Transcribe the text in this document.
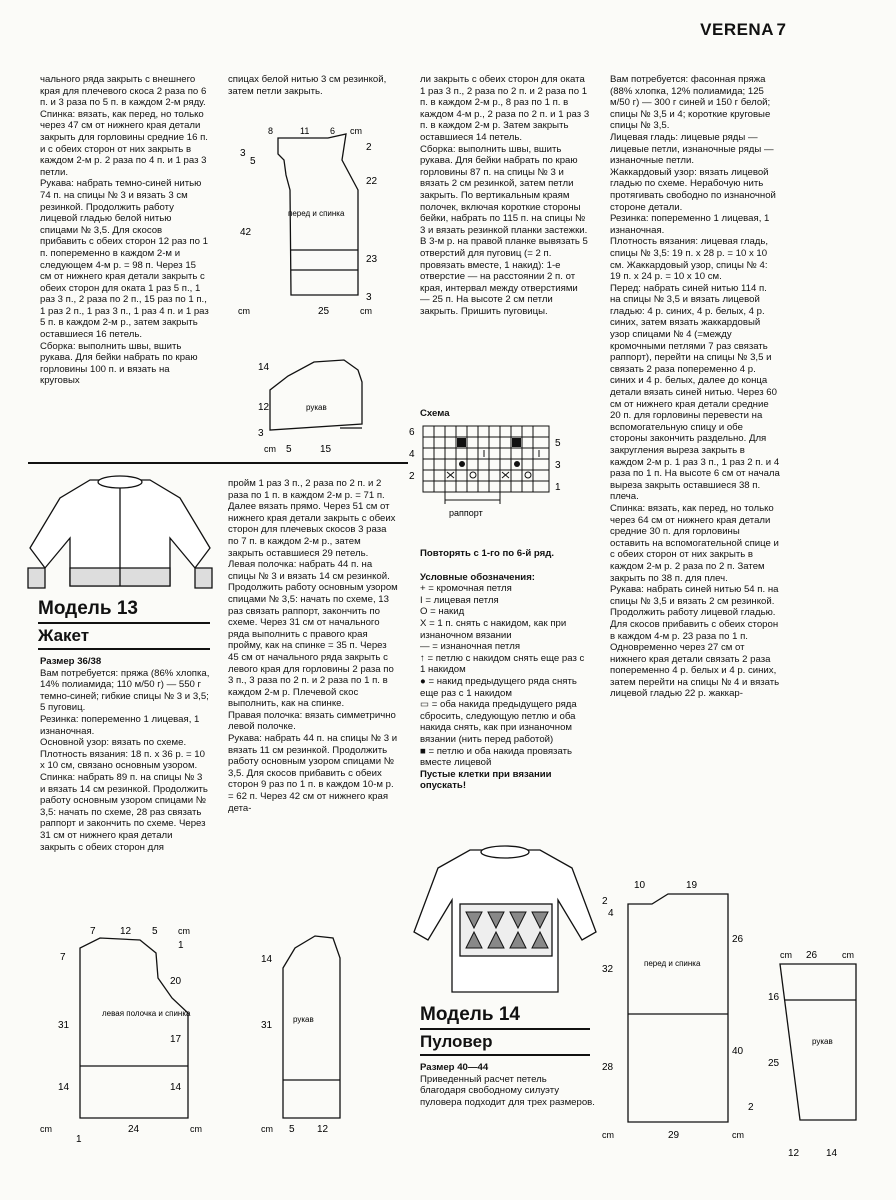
VERENA 7

чального ряда закрыть с внешнего края для плечевого скоса 2 раза по 6 п. и 3 раза по 5 п. в каждом 2-м ряду.

Спинка: вязать, как перед, но только через 47 см от нижнего края детали закрыть для горловины средние 16 п. и с обеих сторон от них закрыть в каждом 2-м р. 2 раза по 4 п. и 1 раз 3 петли.

Рукава: набрать темно-синей нитью 74 п. на спицы № 3 и вязать 3 см резинкой. Продолжить работу лицевой гладью белой нитью спицами № 3,5. Для скосов прибавить с обеих сторон 12 раз по 1 п. попеременно в каждом 2-м и следующем 4-м р. = 98 п. Через 15 см от нижнего края детали закрыть с обеих сторон для оката 1 раз 5 п., 1 раз 3 п., 2 раза по 2 п., 15 раз по 1 п., 1 раз 2 п., 1 раз 3 п., 1 раз 4 п. и 1 раз 5 п. в каждом 2-м р., затем закрыть оставшиеся 16 петель.

Сборка: выполнить швы, вшить рукава. Для бейки набрать по краю горловины 100 п. и вязать на круговых

спицах белой нитью 3 см резинкой, затем петли закрыть.

8	11 6 cm
3
5
42
2
22
23
3
cm	25	cm
перед и спинка
14
12
3
cm 5	15
рукав

ли закрыть с обеих сторон для оката 1 раз 3 п., 2 раза по 2 п. и 2 раза по 1 п. в каждом 2-м р., 8 раз по 1 п. в каждом 4-м р., 2 раза по 2 п. и 1 раз 3 п. в каждом 2-м р. Затем закрыть оставшиеся 14 петель.

Сборка: выполнить швы, вшить рукава. Для бейки набрать по краю горловины 87 п. на спицы № 3 и вязать 2 см резинкой, затем петли закрыть. По вертикальным краям полочек, включая короткие стороны бейки, набрать по 115 п. на спицы № 3 и вязать резинкой планки застежки. В 3-м р. на правой планке вывязать 5 отверстий для пуговиц (= 2 п. провязать вместе, 1 накид): 1-е отверстие — на расстоянии 2 п. от края, интервал между отверстиями — 25 п. На высоте 2 см петли закрыть. Пришить пуговицы.

Схема
6
4
2
5
3
1
раппорт

Повторять с 1-го по 6-й ряд.

Условные обозначения:

+ = кромочная петля

I = лицевая петля

O = накид

X = 1 п. снять с накидом, как при изнаночном вязании

— = изнаночная петля

↑ = петлю с накидом снять еще раз с 1 накидом

● = накид предыдущего ряда снять еще раз с 1 накидом

▭ = оба накида предыдущего ряда сбросить, следующую петлю и оба накида снять, как при изнаночном вязании (нить перед работой)

■ = петлю и оба накида провязать вместе лицевой

Пустые клетки при вязании опускать!

Вам потребуется: фасонная пряжа (88% хлопка, 12% полиамида; 125 м/50 г) — 300 г синей и 150 г белой; спицы № 3,5 и 4; короткие круговые спицы № 3,5.

Лицевая гладь: лицевые ряды — лицевые петли, изнаночные ряды — изнаночные петли.

Жаккардовый узор: вязать лицевой гладью по схеме. Нерабочую нить протягивать свободно по изнаночной стороне детали.

Резинка: попеременно 1 лицевая, 1 изнаночная.

Плотность вязания: лицевая гладь, спицы № 3,5: 19 п. х 28 р. = 10 х 10 см. Жаккардовый узор, спицы № 4: 19 п. х 24 р. = 10 х 10 см.

Перед: набрать синей нитью 114 п. на спицы № 3,5 и вязать лицевой гладью: 4 р. синих, 4 р. белых, 4 р. синих, затем вязать жаккардовый узор спицами № 4 (=между кромочными петлями 7 раз связать раппорт), перейти на спицы № 3,5 и связать 2 раза попеременно 4 р. синих и 4 р. белых, далее до конца детали вязать синей нитью. Через 60 см от нижнего края детали средние 20 п. для горловины перевести на вспомогательную спицу и обе стороны закончить раздельно. Для закругления выреза закрыть в каждом 2-м р. 1 раз 3 п., 1 раз 2 п. и 4 раза по 1 п. На высоте 6 см от начала выреза закрыть оставшиеся 38 п. плеча.

Спинка: вязать, как перед, но только через 64 см от нижнего края детали средние 30 п. для горловины оставить на вспомогательной спице и с обеих сторон от них закрыть в каждом 2-м р. 2 раза по 2 п. Затем закрыть по 38 п. для плеч.

Рукава: набрать синей нитью 54 п. на спицы № 3,5 и вязать 2 см резинкой. Продолжить работу лицевой гладью. Для скосов прибавить с обеих сторон в каждом 4-м р. 23 раза по 1 п. Одновременно через 27 см от нижнего края детали связать 2 раза попеременно 4 р. белых и 4 р. синих, затем перейти на спицы № 4 и вязать лицевой гладью 22 р. жаккар-

Модель 13
Жакет

Размер 36/38

Вам потребуется: пряжа (86% хлопка, 14% полиамида; 110 м/50 г) — 550 г темно-синей; гибкие спицы № 3 и 3,5; 5 пуговиц.

Резинка: попеременно 1 лицевая, 1 изнаночная.

Основной узор: вязать по схеме.

Плотность вязания: 18 п. х 36 р. = 10 х 10 см, связано основным узором.

Спинка: набрать 89 п. на спицы № 3 и вязать 14 см резинкой. Продолжить работу основным узором спицами № 3,5: начать по схеме, 28 раз связать раппорт и закончить по схеме. Через 31 см от нижнего края детали закрыть с обеих сторон для

пройм 1 раз 3 п., 2 раза по 2 п. и 2 раза по 1 п. в каждом 2-м р. = 71 п. Далее вязать прямо. Через 51 см от нижнего края детали закрыть с обеих сторон для плечевых скосов 3 раза по 7 п. в каждом 2-м р., затем закрыть оставшиеся 29 петель.

Левая полочка: набрать 44 п. на спицы № 3 и вязать 14 см резинкой. Продолжить работу основным узором спицами № 3,5: начать по схеме, 13 раз связать раппорт, закончить по схеме. Через 31 см от начального ряда выполнить с правого края пройму, как на спинке = 35 п. Через 45 см от начального ряда закрыть с левого края для горловины 2 раза по 3 п., 3 раза по 2 п. и 2 раза по 1 п. в каждом 2-м р. Плечевой скос выполнить, как на спинке.

Правая полочка: вязать симметрично левой полочке.

Рукава: набрать 44 п. на спицы № 3 и вязать 11 см резинкой. Продолжить работу основным узором спицами № 3,5. Для скосов прибавить с обеих сторон 9 раз по 1 п. в каждом 10-м р. = 62 п. Через 42 см от нижнего края дета-

7 12 5 cm
7
31
14
cm
1
20
17
14
1
24	cm
левая полочка и спинка
14
31
cm 5 12
рукав	Модель 14
Пуловер

Размер 40—44

Приведенный расчет петель благодаря свободному силуэту пуловера подходит для трех размеров.

10	19
2
4
32
28
26
40
2
cm	29	cm
перед и спинка
cm 26	cm
16
25
12	14
рукав
